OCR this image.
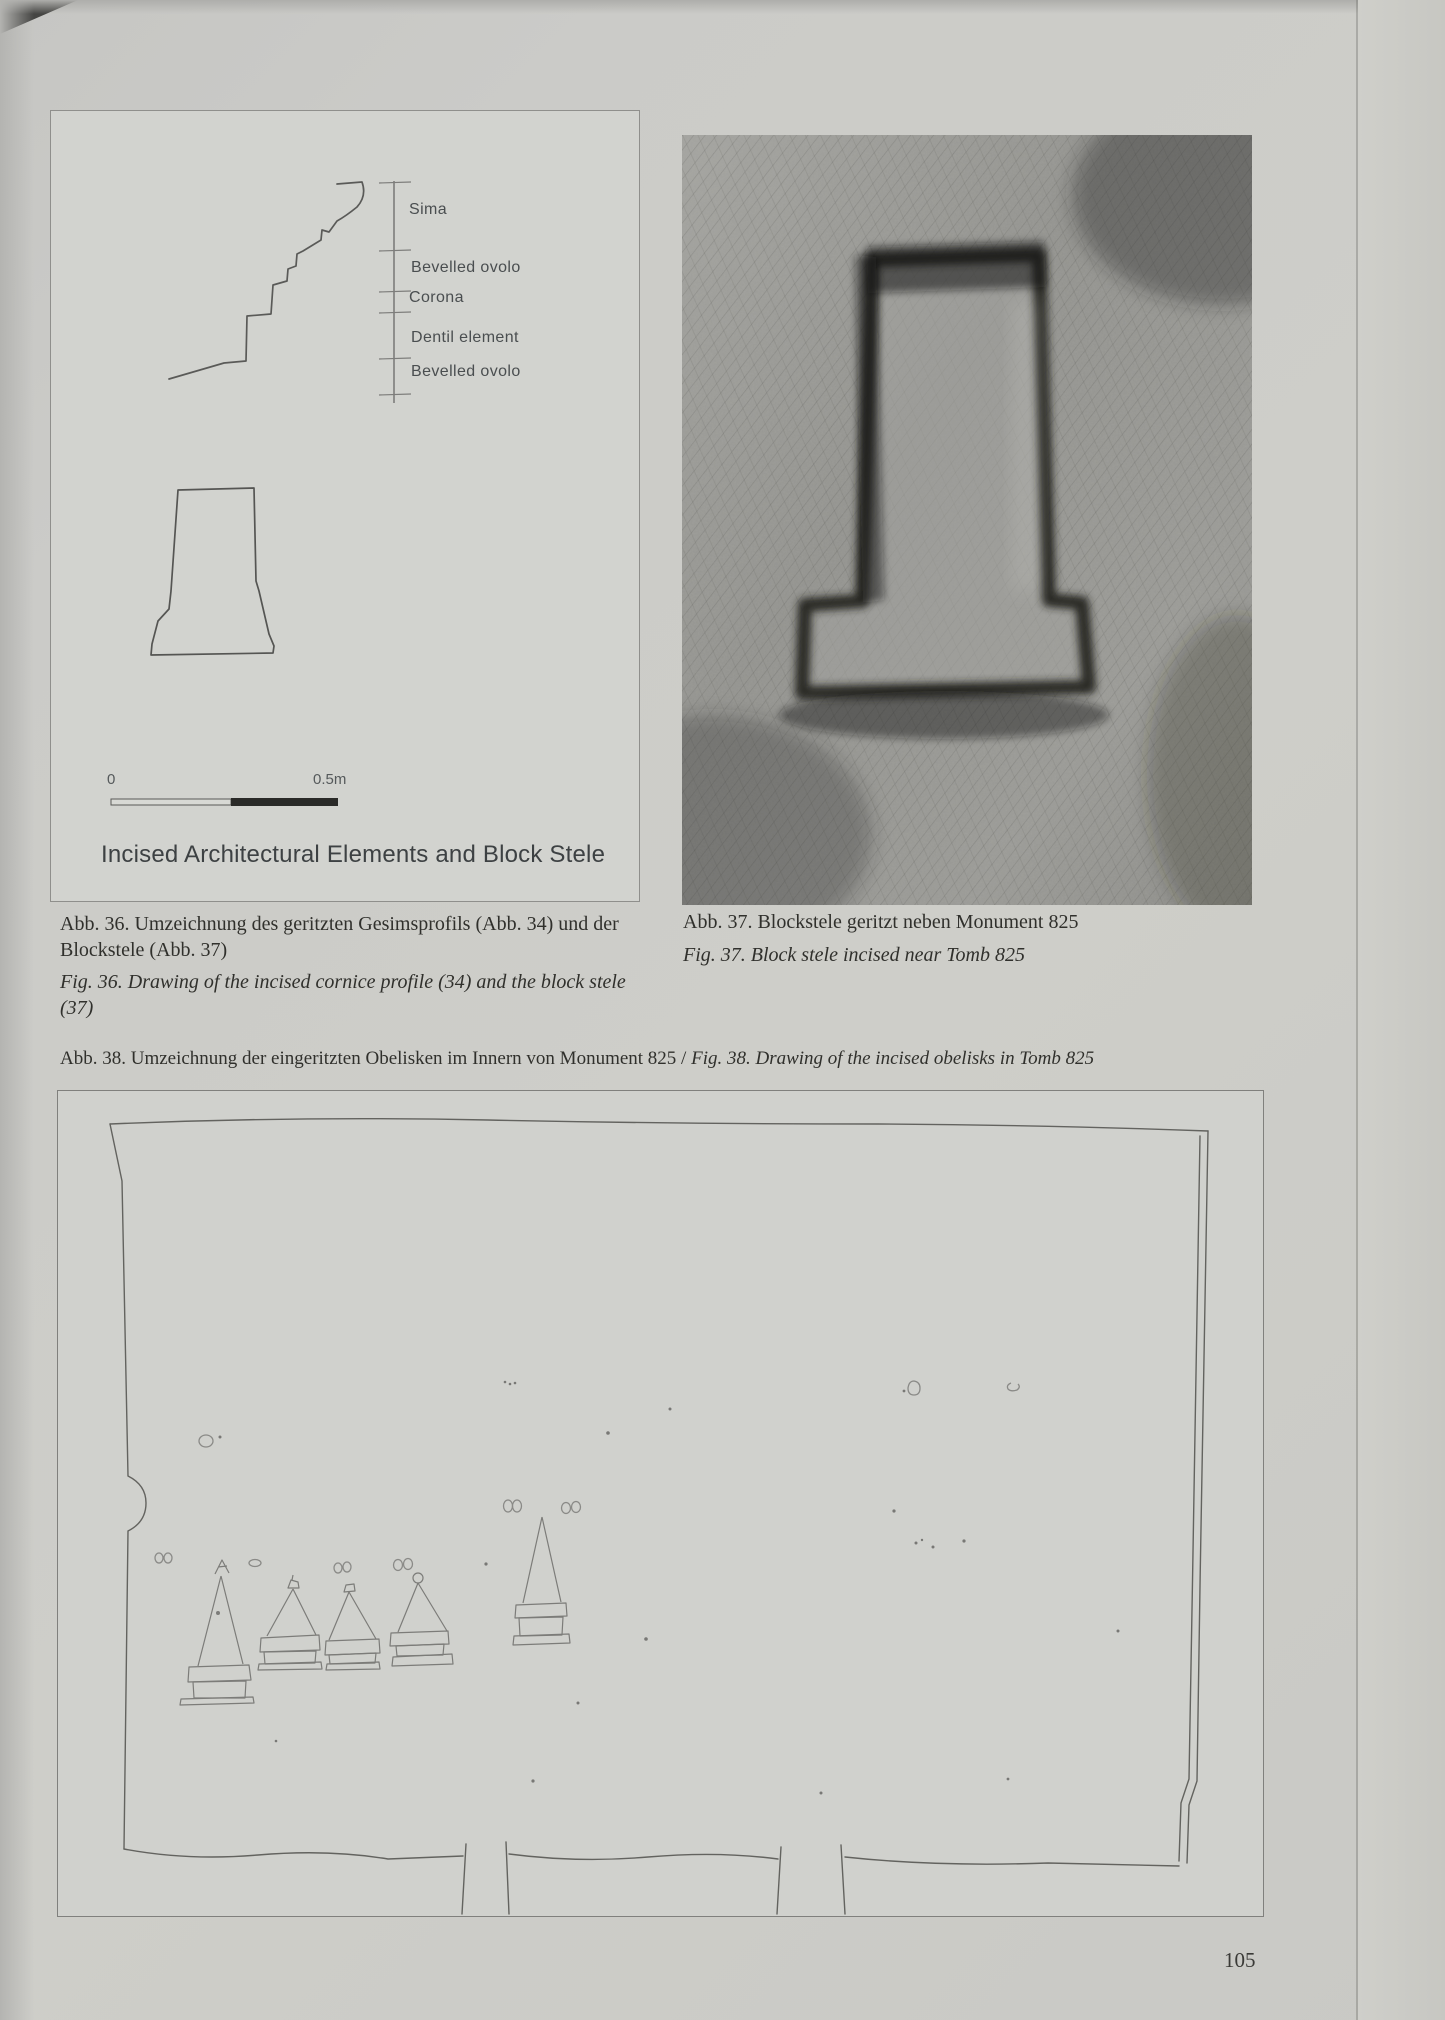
Sima
Bevelled ovolo
Corona
Dentil element
Bevelled ovolo
0	0.5m
Incised Architectural Elements and Block Stele
Abb. 36. Umzeichnung des geritzten Gesimsprofils (Abb. 34) und der Blockstele (Abb. 37)
Fig. 36. Drawing of the incised cornice profile (34) and the block stele (37)
Abb. 37. Blockstele geritzt neben Monument 825
Fig. 37. Block stele incised near Tomb 825
Abb. 38. Umzeichnung der eingeritzten Obelisken im Innern von Monument 825 / Fig. 38. Drawing of the incised obelisks in Tomb 825
105
